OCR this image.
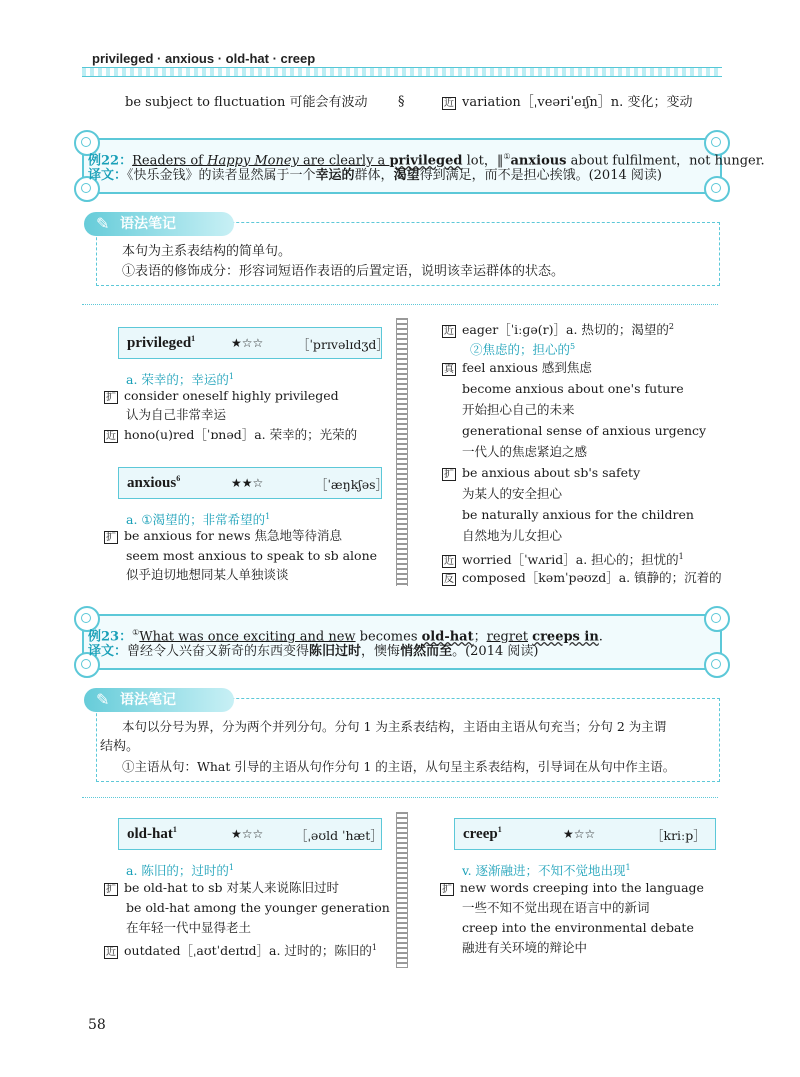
privileged · anxious · old-hat · creep
be subject to fluctuation 可能会有波动 §	近 variation［ˌveəriˈeɪʃn］n. 变化；变动
例22：Readers of Happy Money are clearly a privileged lot，‖①anxious about fulfilment，not hunger.
译文：《快乐金钱》的读者显然属于一个幸运的群体，渴望得到满足，而不是担心挨饿。(2014 阅读)
✎ 语法笔记
本句为主系表结构的简单句。
①表语的修饰成分：形容词短语作表语的后置定语，说明该幸运群体的状态。
privileged$^1$	★☆☆	［ˈprɪvəlɪdʒd］
a. 荣幸的；幸运的$^1$
扩 consider oneself highly privileged
认为自己非常幸运
近 hono(u)red［ˈɒnəd］a. 荣幸的；光荣的
anxious$^6$	★★☆	［ˈæŋkʃəs］
a. ①渴望的；非常希望的$^1$
扩 be anxious for news 焦急地等待消息
seem most anxious to speak to sb alone
似乎迫切地想同某人单独谈谈
近 eager［ˈiːɡə(r)］a. 热切的；渴望的$^2$
②焦虑的；担心的$^5$
真 feel anxious 感到焦虑
become anxious about one's future
开始担心自己的未来
generational sense of anxious urgency
一代人的焦虑紧迫之感
扩 be anxious about sb's safety
为某人的安全担心
be naturally anxious for the children
自然地为儿女担心
近 worried［ˈwʌrid］a. 担心的；担忧的$^1$
反 composed［kəmˈpəʊzd］a. 镇静的；沉着的
例23：①What was once exciting and new becomes old-hat；regret creeps in.
译文：曾经令人兴奋又新奇的东西变得陈旧过时，懊悔悄然而至。(2014 阅读)
✎ 语法笔记
本句以分号为界，分为两个并列分句。分句 1 为主系表结构，主语由主语从句充当；分句 2 为主谓
结构。
①主语从句：What 引导的主语从句作分句 1 的主语，从句呈主系表结构，引导词在从句中作主语。
old-hat$^1$	★☆☆	［ˌəʊld ˈhæt］
a. 陈旧的；过时的$^1$
扩 be old-hat to sb 对某人来说陈旧过时
be old-hat among the younger generation
在年轻一代中显得老土
近 outdated［ˌaʊtˈdeɪtɪd］a. 过时的；陈旧的$^1$
creep$^1$	★☆☆	［kriːp］
v. 逐渐融进；不知不觉地出现$^1$
扩 new words creeping into the language
一些不知不觉出现在语言中的新词
creep into the environmental debate
融进有关环境的辩论中
58
